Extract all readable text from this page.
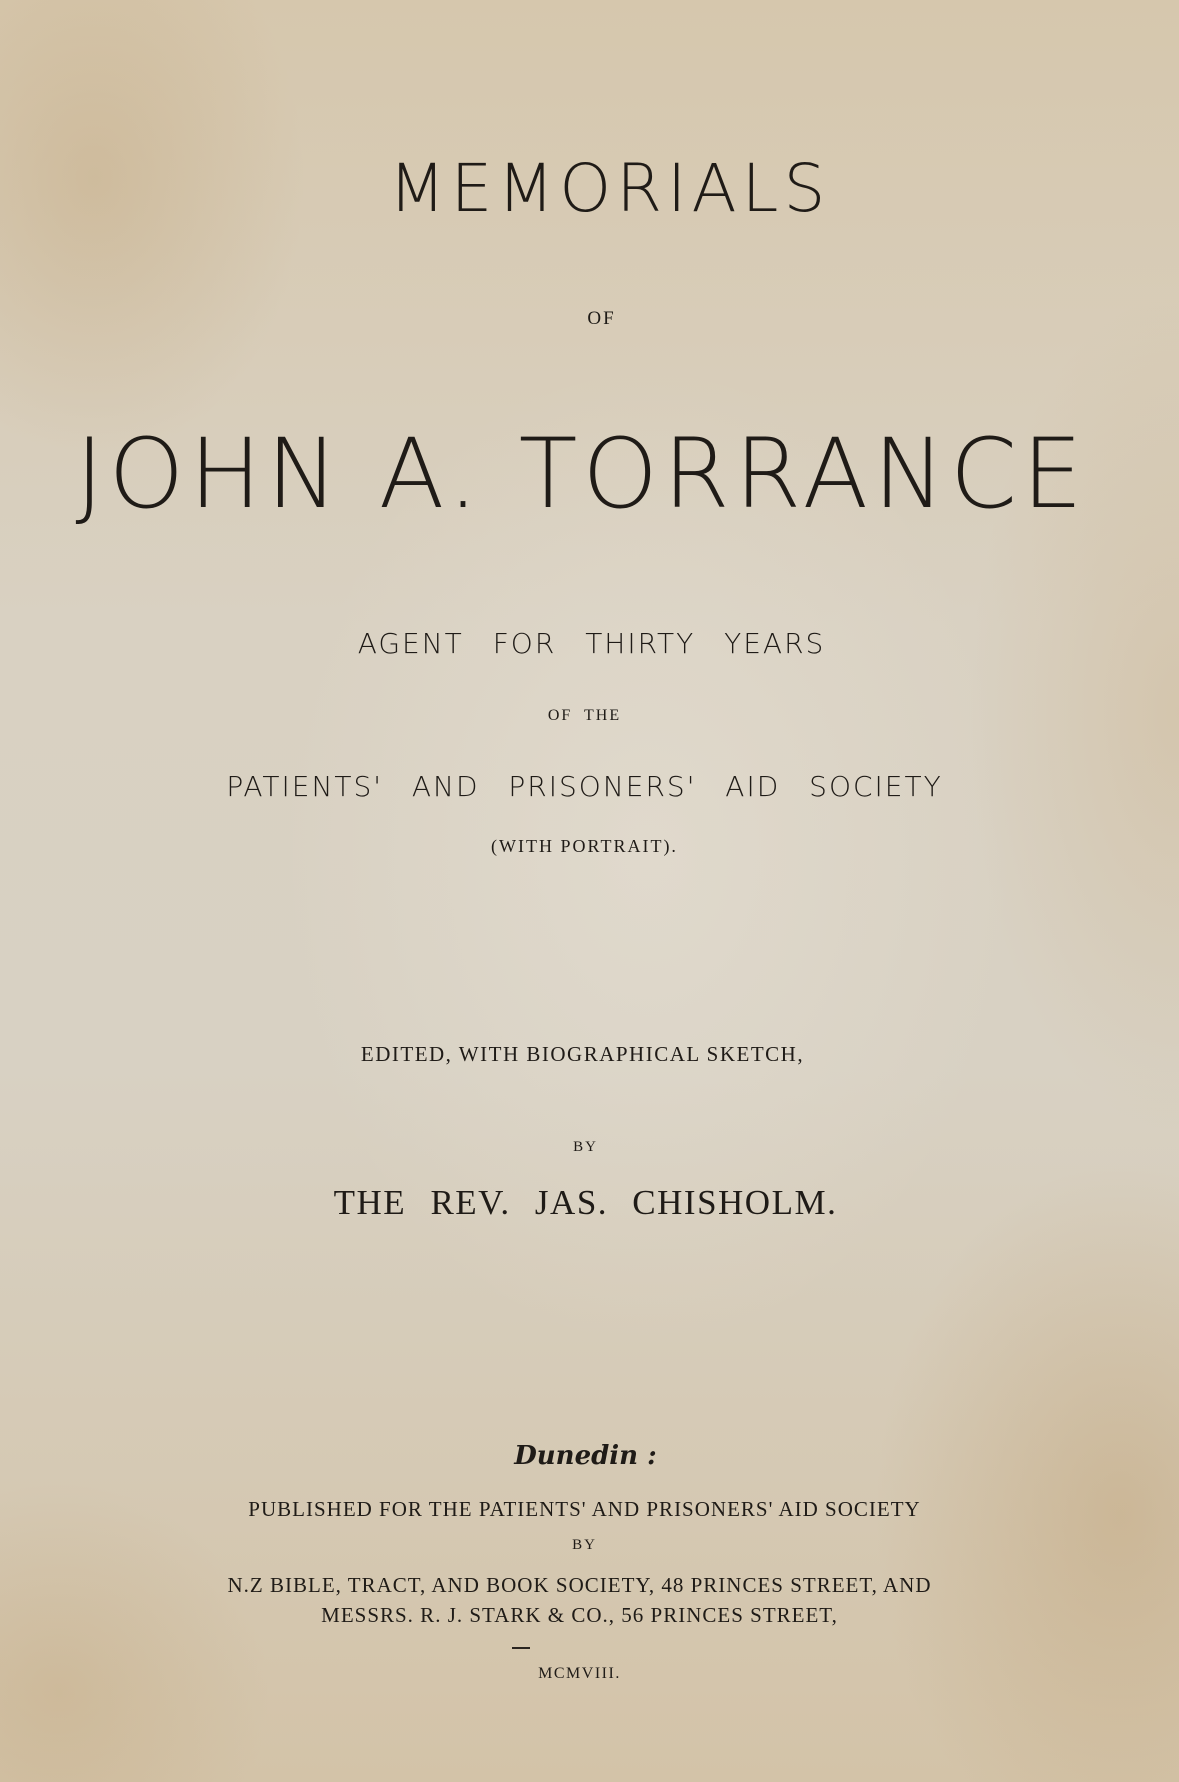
MEMORIALS
OF
JOHN A. TORRANCE
AGENT FOR THIRTY YEARS
OF THE
PATIENTS' AND PRISONERS' AID SOCIETY
(WITH PORTRAIT).
EDITED, WITH BIOGRAPHICAL SKETCH,
BY
THE REV. JAS. CHISHOLM.
Dunedin :
PUBLISHED FOR THE PATIENTS' AND PRISONERS' AID SOCIETY
BY
N.Z BIBLE, TRACT, AND BOOK SOCIETY, 48 PRINCES STREET, AND
MESSRS. R. J. STARK & CO., 56 PRINCES STREET,
MCMVIII.
